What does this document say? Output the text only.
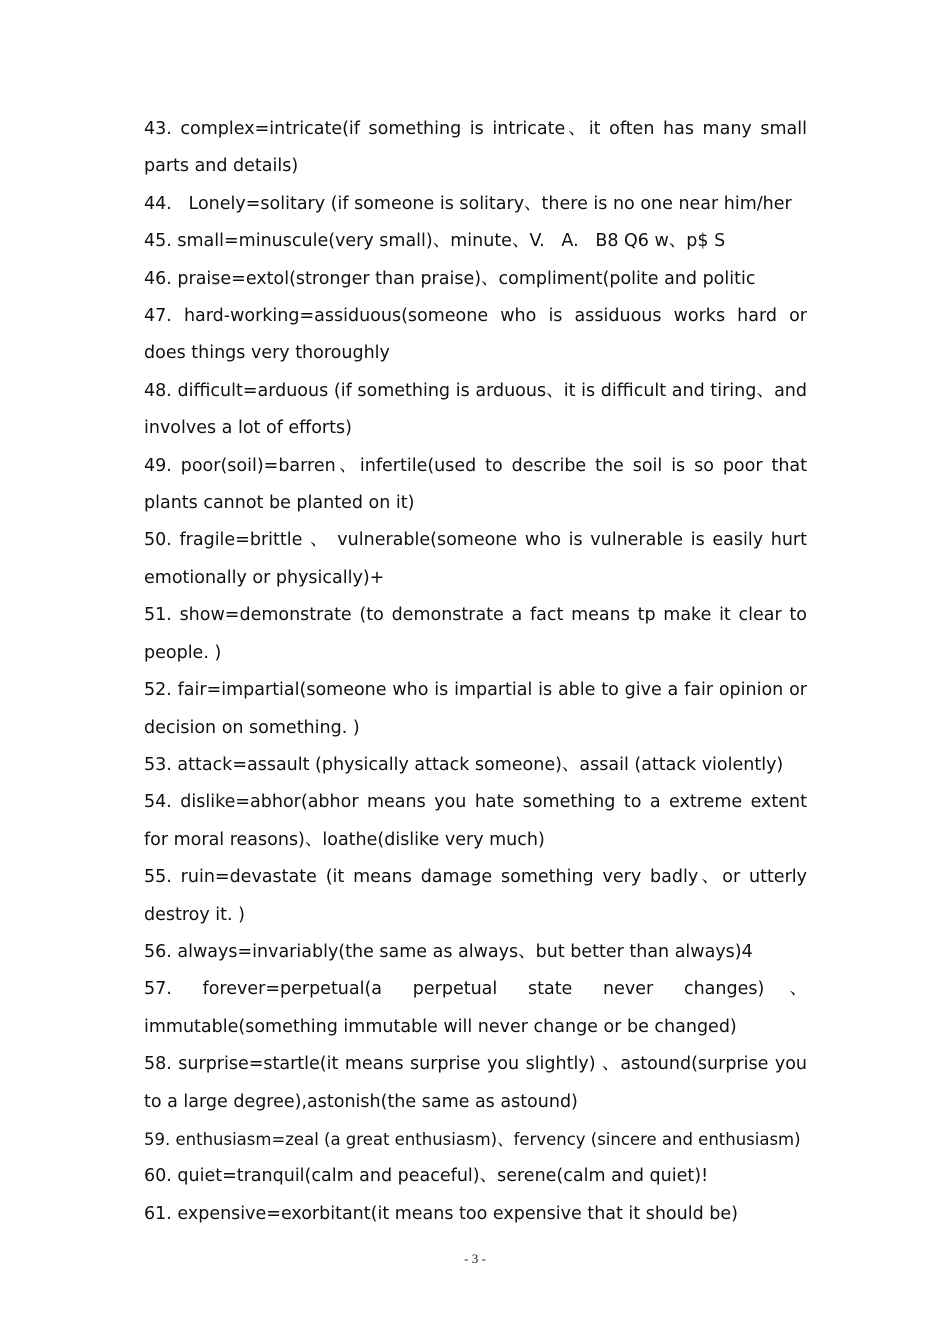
43. complex=intricate(if something is intricate、it often has many small parts and details)

44.   Lonely=solitary (if someone is solitary、there is no one near him/her

45. small=minuscule(very small)、minute、V.   A.   B8 Q6 w、p$ S

46. praise=extol(stronger than praise)、compliment(polite and politic

47. hard-working=assiduous(someone who is assiduous works hard or does things very thoroughly

48. difficult=arduous (if something is arduous、it is difficult and tiring、and involves a lot of efforts)

49. poor(soil)=barren、infertile(used to describe the soil is so poor that plants cannot be planted on it)

50. fragile=brittle 、 vulnerable(someone who is vulnerable is easily hurt emotionally or physically)+

51. show=demonstrate (to demonstrate a fact means tp make it clear to people. )

52. fair=impartial(someone who is impartial is able to give a fair opinion or decision on something. )

53. attack=assault (physically attack someone)、assail (attack violently)

54. dislike=abhor(abhor means you hate something to a extreme extent for moral reasons)、loathe(dislike very much)

55. ruin=devastate (it means damage something very badly、or utterly destroy it. )

56. always=invariably(the same as always、but better than always)4

57. forever=perpetual(a perpetual state never changes)、immutable(something immutable will never change or be changed)

58. surprise=startle(it means surprise you slightly) 、astound(surprise you to a large degree),astonish(the same as astound)

59. enthusiasm=zeal (a great enthusiasm)、fervency (sincere and enthusiasm)

60. quiet=tranquil(calm and peaceful)、serene(calm and quiet)!

61. expensive=exorbitant(it means too expensive that it should be)

- 3 -
